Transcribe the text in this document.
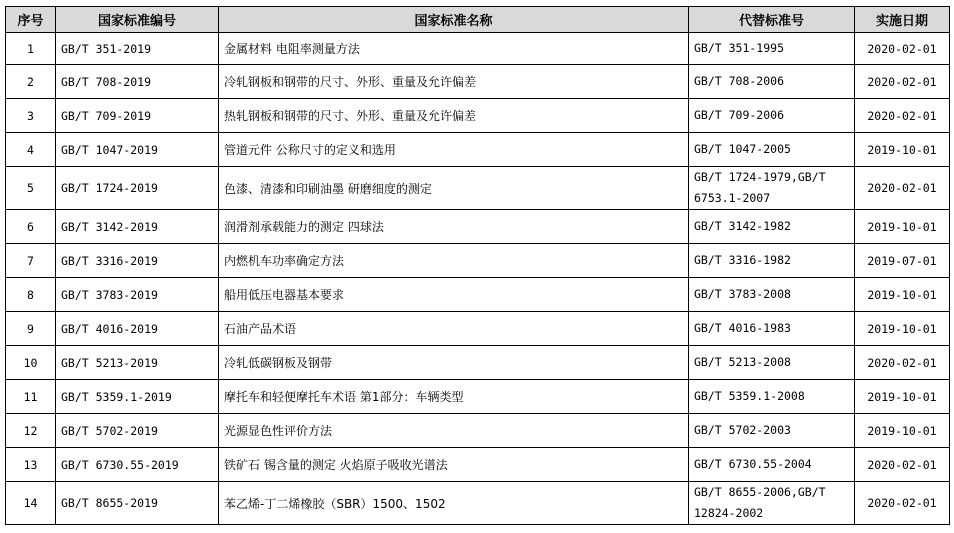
序号	国家标准编号	国家标准名称	代替标准号	实施日期
1	GB/T 351-2019	金属材料 电阻率测量方法	GB/T 351-1995	2020-02-01
2	GB/T 708-2019	冷轧钢板和钢带的尺寸、外形、重量及允许偏差	GB/T 708-2006	2020-02-01
3	GB/T 709-2019	热轧钢板和钢带的尺寸、外形、重量及允许偏差	GB/T 709-2006	2020-02-01
4	GB/T 1047-2019	管道元件 公称尺寸的定义和选用	GB/T 1047-2005	2019-10-01
5	GB/T 1724-2019	色漆、清漆和印刷油墨 研磨细度的测定	GB/T 1724-1979,GB/T 6753.1-2007	2020-02-01
6	GB/T 3142-2019	润滑剂承载能力的测定 四球法	GB/T 3142-1982	2019-10-01
7	GB/T 3316-2019	内燃机车功率确定方法	GB/T 3316-1982	2019-07-01
8	GB/T 3783-2019	船用低压电器基本要求	GB/T 3783-2008	2019-10-01
9	GB/T 4016-2019	石油产品术语	GB/T 4016-1983	2019-10-01
10	GB/T 5213-2019	冷轧低碳钢板及钢带	GB/T 5213-2008	2020-02-01
11	GB/T 5359.1-2019	摩托车和轻便摩托车术语 第1部分：车辆类型	GB/T 5359.1-2008	2019-10-01
12	GB/T 5702-2019	光源显色性评价方法	GB/T 5702-2003	2019-10-01
13	GB/T 6730.55-2019	铁矿石 锡含量的测定 火焰原子吸收光谱法	GB/T 6730.55-2004	2020-02-01
14	GB/T 8655-2019	苯乙烯-丁二烯橡胶（SBR）1500、1502	GB/T 8655-2006,GB/T 12824-2002	2020-02-01
